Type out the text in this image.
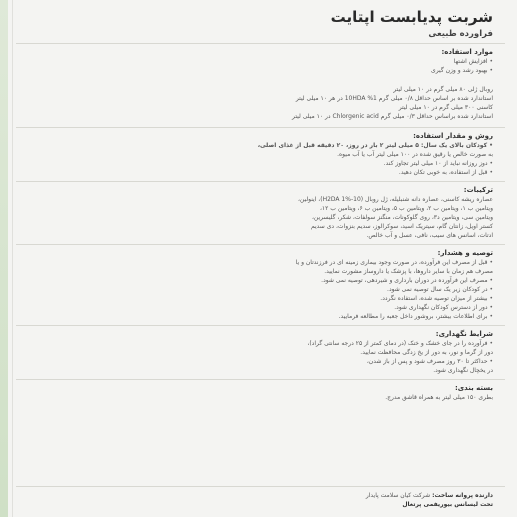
شربت پدیابست اپتایت
فراورده طبیعی
موارد استفاده:
• افزایش اشتها
• بهبود رشد و وزن گیری
روبال ژلی ۸۰ میلی گرم در ۱۰ میلی لیتر
استاندارد شده بر اساس حداقل ۰/۸ میلی گرم 10HDA %1 در هر ۱۰ میلی لیتر
کاسنی ۳۰۰ میلی گرم در ۱۰ میلی لیتر
استاندارد شده براساس حداقل ۰/۳ میلی گرم Chlorgenic acid در ۱۰ میلی لیتر
روش و مقدار استفاده:
• کودکان بالای یک سال: ۵ میلی لیتر ۲ بار در روز، ۲۰ دقیقه قبل از غذای اصلی،
به صورت خالص یا رقیق شده در ۱۰۰ میلی لیتر آب یا آب میوه.
• دوز روزانه نباید از ۱۰ میلی لیتر تجاوز کند.
• قبل از استفاده، به خوبی تکان دهید.
ترکیبات:
عصاره ریشه کاسنی، عصاره دانه شنبلیله، ژل روبال (10-H2DA 1%)، اینولین،
ویتامین ب ۱، ویتامین ب ۲، ویتامین ب ۵، ویتامین ب ۶، ویتامین ب ۱۲،
ویتامین سی، ویتامین د۳، روی گلوکونات، منگنز سولفات، شکر، گلیسرین،
کستر اویل، زانتان گام، سیتریک اسید، سوکرالوز، سدیم بنزوات، دی سدیم
ادتات، اسانس های سیب، نافی، عسل و آب خالص.
توصیه و هشدار:
• قبل از مصرف این فرآورده، در صورت وجود بیماری زمینه ای در فرزندتان و یا
مصرف هم زمان با سایر داروها، با پزشک یا داروساز مشورت نمایید.
• مصرف این فرآورده در دوران بارداری و شیردهی، توصیه نمی شود.
• در کودکان زیر یک سال توصیه نمی شود.
• بیشتر از میزان توصیه شده، استفاده نگردد.
• دور از دسترس کودکان نگهداری شود.
• برای اطلاعات بیشتر، بروشور داخل جعبه را مطالعه فرمایید.
شرایط نگهداری:
• فرآورده را در جای خشک و خنک (در دمای کمتر از ۲۵ درجه سانتی گراد)،
دور از گرما و نور، به دور از یخ زدگی محافظت نمایید.
• حداکثر تا ۳۰ روز مصرف شود و پس از باز شدن،
در یخچال نگهداری شود.
بسته بندی:
بطری ۱۵۰ میلی لیتر به همراه قاشق مدرج.
دارنده پروانه ساخت: شرکت کیان سلامت پایدار
تحت لیسانس بیوریفمی پرتغال
